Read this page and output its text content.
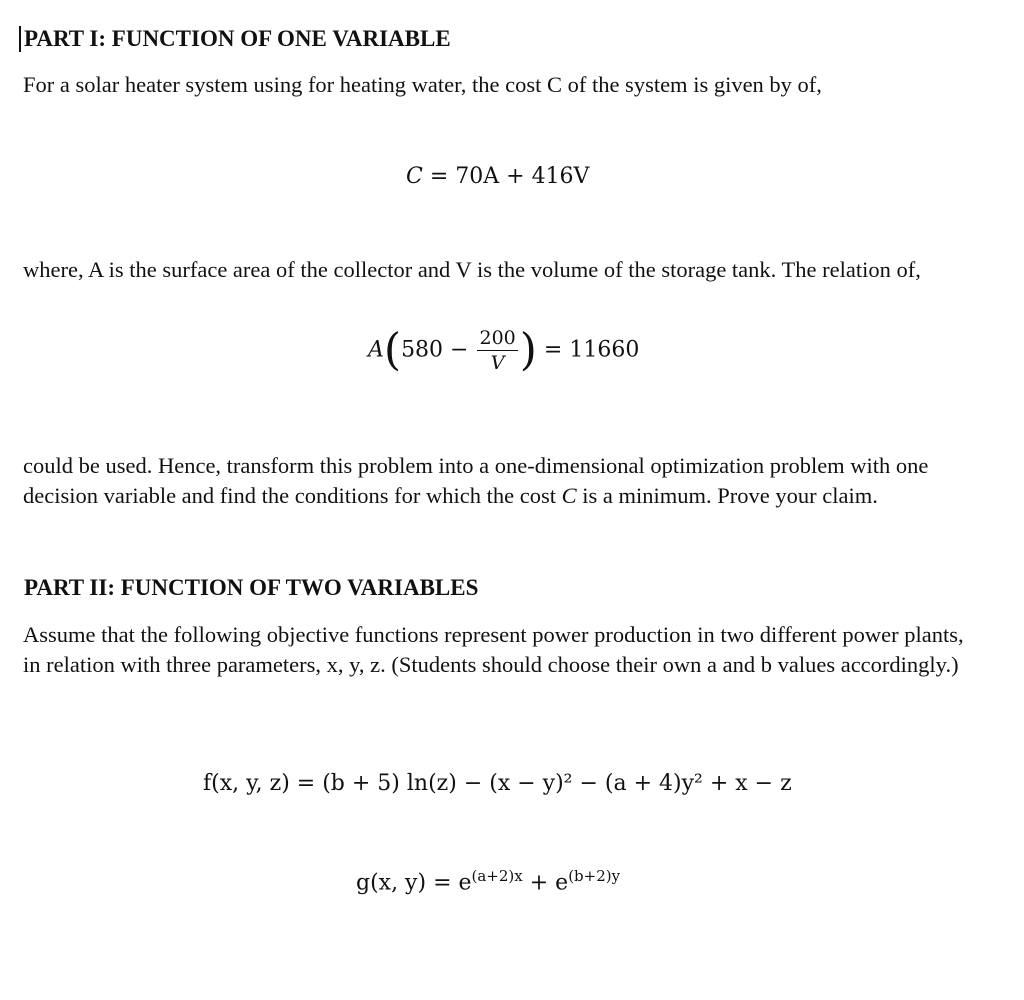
PART I: FUNCTION OF ONE VARIABLE
For a solar heater system using for heating water, the cost C of the system is given by of,
C = 70A + 416V
where, A is the surface area of the collector and V is the volume of the storage tank. The relation of,
$A(580 - \frac{200}{V}$ ) = 11660
could be used. Hence, transform this problem into a one-dimensional optimization problem with one decision variable and find the conditions for which the cost C is a minimum. Prove your claim.
PART II: FUNCTION OF TWO VARIABLES
Assume that the following objective functions represent power production in two different power plants, in relation with three parameters, x, y, z. (Students should choose their own a and b values accordingly.)
f(x, y, z) = (b + 5) ln(z) − (x − y)² − (a + 4)y² + x − z
g(x, $y) = e^{(a+2)x} + e^{(b+2)y}$
